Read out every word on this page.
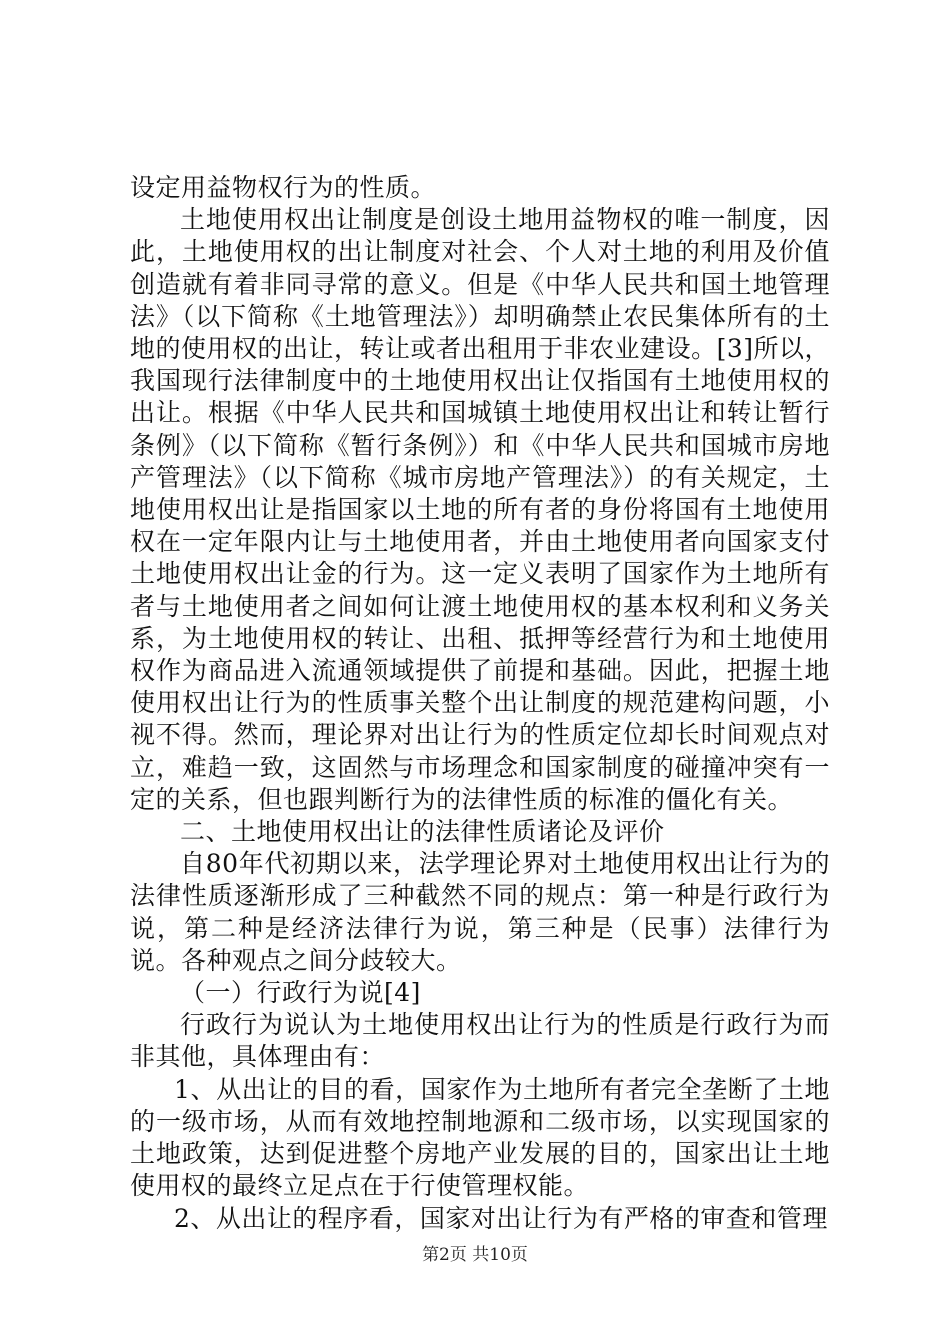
设定用益物权行为的性质。

土地使用权出让制度是创设土地用益物权的唯一制度，因此，土地使用权的出让制度对社会、个人对土地的利用及价值创造就有着非同寻常的意义。但是《中华人民共和国土地管理法》（以下简称《土地管理法》）却明确禁止农民集体所有的土地的使用权的出让，转让或者出租用于非农业建设。[3]所以，我国现行法律制度中的土地使用权出让仅指国有土地使用权的出让。根据《中华人民共和国城镇土地使用权出让和转让暂行条例》（以下简称《暂行条例》）和《中华人民共和国城市房地产管理法》（以下简称《城市房地产管理法》）的有关规定，土地使用权出让是指国家以土地的所有者的身份将国有土地使用权在一定年限内让与土地使用者，并由土地使用者向国家支付土地使用权出让金的行为。这一定义表明了国家作为土地所有者与土地使用者之间如何让渡土地使用权的基本权利和义务关系，为土地使用权的转让、出租、抵押等经营行为和土地使用权作为商品进入流通领域提供了前提和基础。因此，把握土地使用权出让行为的性质事关整个出让制度的规范建构问题，小视不得。然而，理论界对出让行为的性质定位却长时间观点对立，难趋一致，这固然与市场理念和国家制度的碰撞冲突有一定的关系，但也跟判断行为的法律性质的标准的僵化有关。

二、土地使用权出让的法律性质诸论及评价

自80年代初期以来，法学理论界对土地使用权出让行为的法律性质逐渐形成了三种截然不同的规点：第一种是行政行为说，第二种是经济法律行为说，第三种是（民事）法律行为说。各种观点之间分歧较大。

（一）行政行为说[4]

行政行为说认为土地使用权出让行为的性质是行政行为而非其他，具体理由有：

1、从出让的目的看，国家作为土地所有者完全垄断了土地的一级市场，从而有效地控制地源和二级市场，以实现国家的土地政策，达到促进整个房地产业发展的目的，国家出让土地使用权的最终立足点在于行使管理权能。

2、从出让的程序看，国家对出让行为有严格的审查和管理

第2页 共10页
